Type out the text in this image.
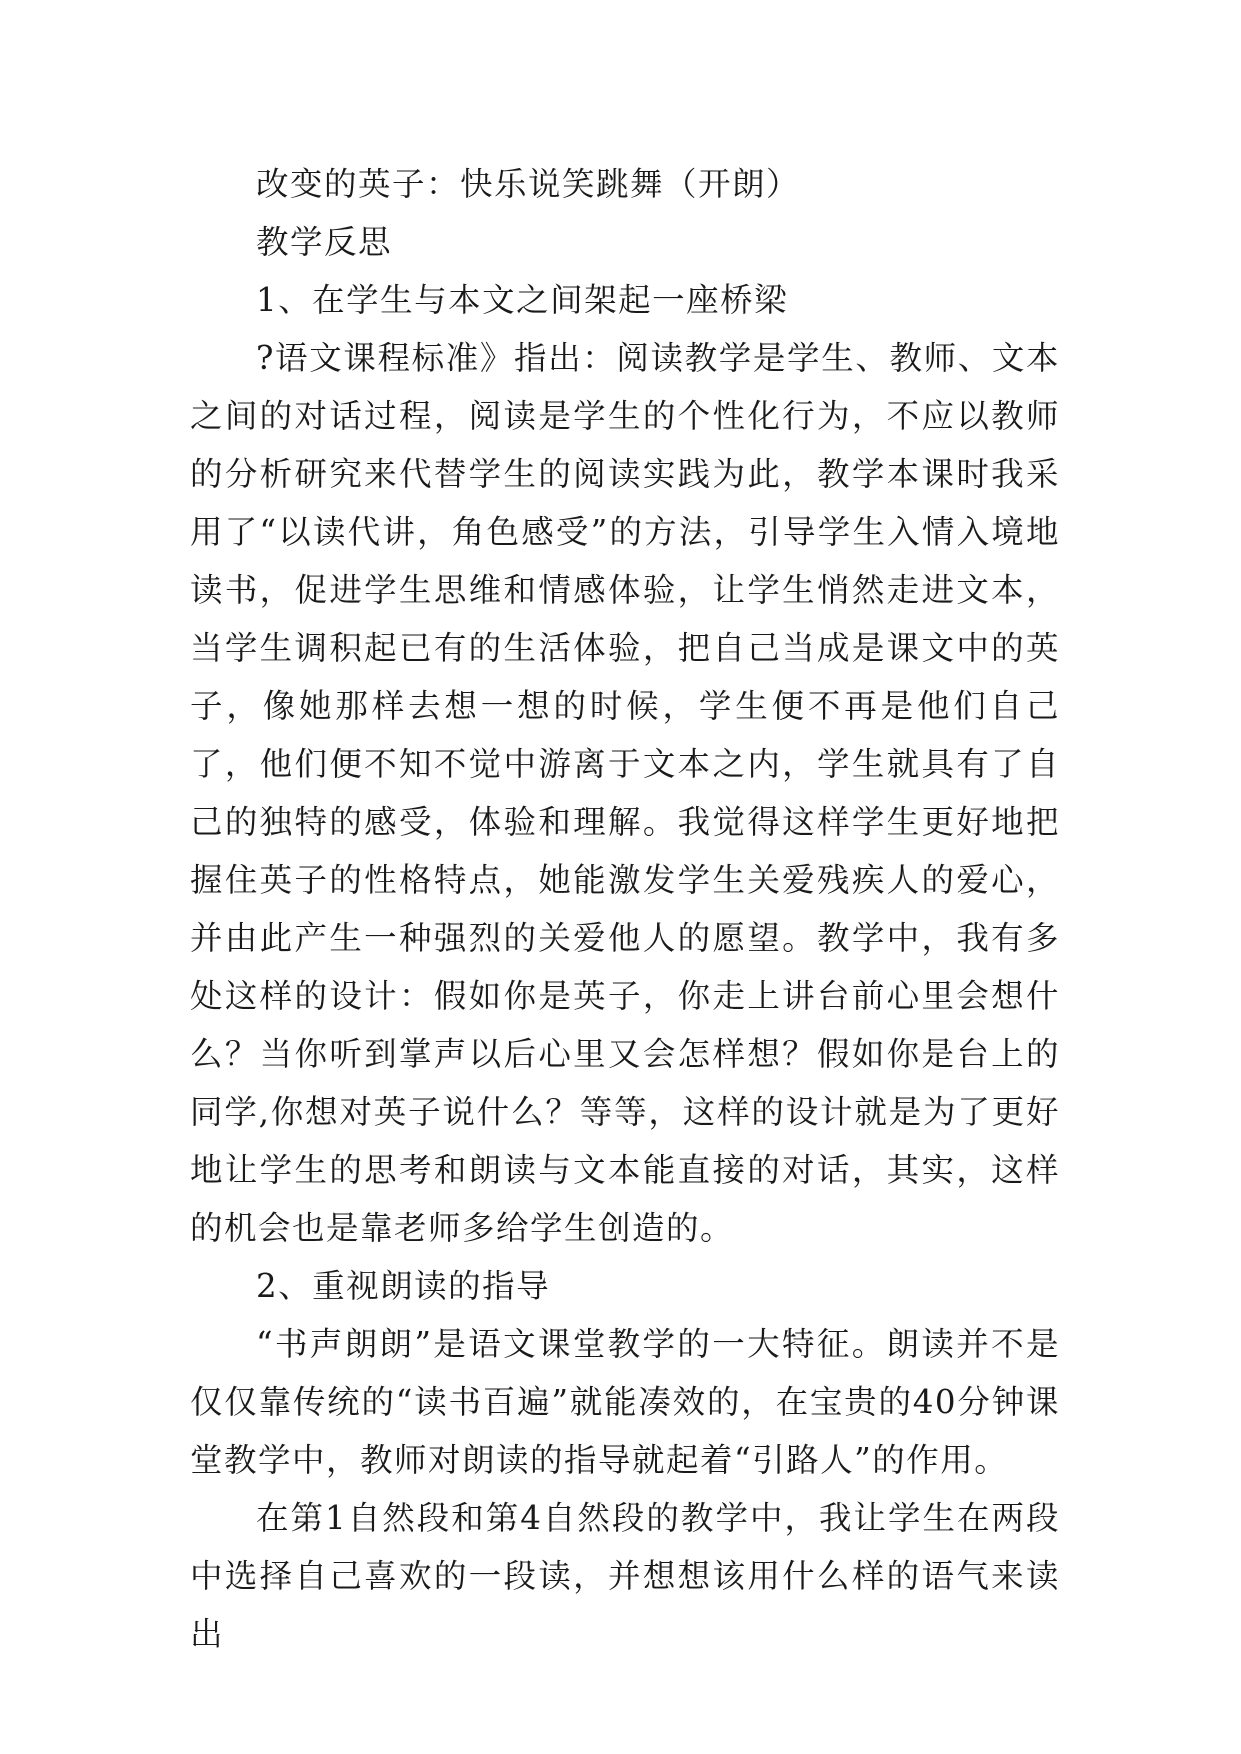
改变的英子：快乐说笑跳舞（开朗）

教学反思

1、在学生与本文之间架起一座桥梁

?语文课程标准》指出：阅读教学是学生、教师、文本之间的对话过程，阅读是学生的个性化行为，不应以教师的分析研究来代替学生的阅读实践为此，教学本课时我采用了“以读代讲，角色感受”的方法，引导学生入情入境地读书，促进学生思维和情感体验，让学生悄然走进文本，当学生调积起已有的生活体验，把自己当成是课文中的英子，像她那样去想一想的时候，学生便不再是他们自己了，他们便不知不觉中游离于文本之内，学生就具有了自己的独特的感受，体验和理解。我觉得这样学生更好地把握住英子的性格特点，她能激发学生关爱残疾人的爱心，并由此产生一种强烈的关爱他人的愿望。教学中，我有多处这样的设计：假如你是英子，你走上讲台前心里会想什么？当你听到掌声以后心里又会怎样想？假如你是台上的同学,你想对英子说什么？等等，这样的设计就是为了更好地让学生的思考和朗读与文本能直接的对话，其实，这样的机会也是靠老师多给学生创造的。

2、重视朗读的指导

“书声朗朗”是语文课堂教学的一大特征。朗读并不是仅仅靠传统的“读书百遍”就能凑效的，在宝贵的40分钟课堂教学中，教师对朗读的指导就起着“引路人”的作用。

在第1自然段和第4自然段的教学中，我让学生在两段中选择自己喜欢的一段读，并想想该用什么样的语气来读出
